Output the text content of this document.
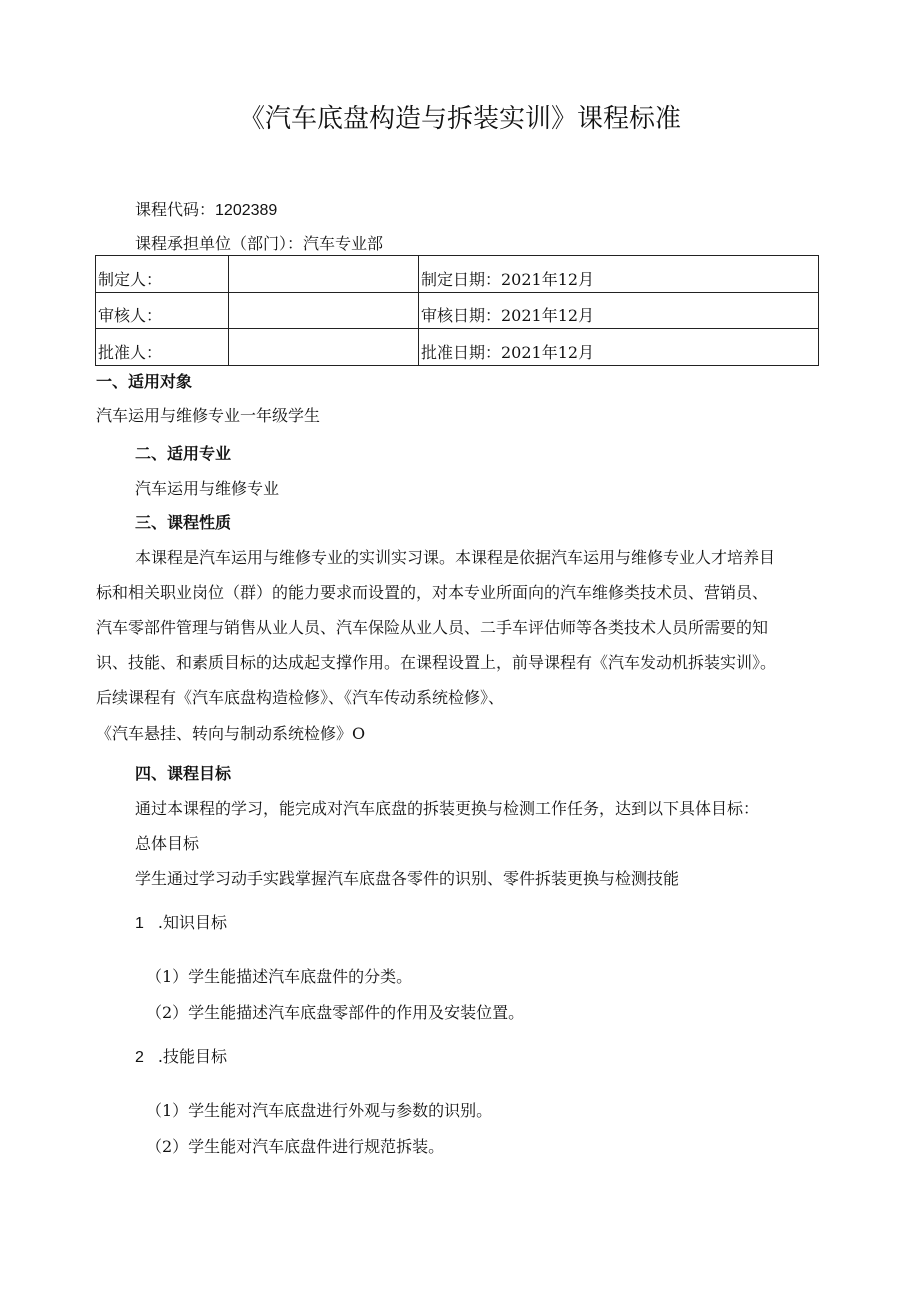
《汽车底盘构造与拆装实训》课程标准
课程代码：1202389
课程承担单位（部门）：汽车专业部
制定人：		制定日期：2021年12月
审核人：		审核日期：2021年12月
批准人：		批准日期：2021年12月
一、适用对象
汽车运用与维修专业一年级学生
二、适用专业
汽车运用与维修专业
三、课程性质
本课程是汽车运用与维修专业的实训实习课。本课程是依据汽车运用与维修专业人才培养目
标和相关职业岗位（群）的能力要求而设置的，对本专业所面向的汽车维修类技术员、营销员、
汽车零部件管理与销售从业人员、汽车保险从业人员、二手车评估师等各类技术人员所需要的知
识、技能、和素质目标的达成起支撑作用。在课程设置上，前导课程有《汽车发动机拆装实训》。
后续课程有《汽车底盘构造检修》、《汽车传动系统检修》、
《汽车悬挂、转向与制动系统检修》O
四、课程目标
通过本课程的学习，能完成对汽车底盘的拆装更换与检测工作任务，达到以下具体目标：
总体目标
学生通过学习动手实践掌握汽车底盘各零件的识别、零件拆装更换与检测技能
1 .知识目标
（1）学生能描述汽车底盘件的分类。
（2）学生能描述汽车底盘零部件的作用及安装位置。
2 .技能目标
（1）学生能对汽车底盘进行外观与参数的识别。
（2）学生能对汽车底盘件进行规范拆装。
